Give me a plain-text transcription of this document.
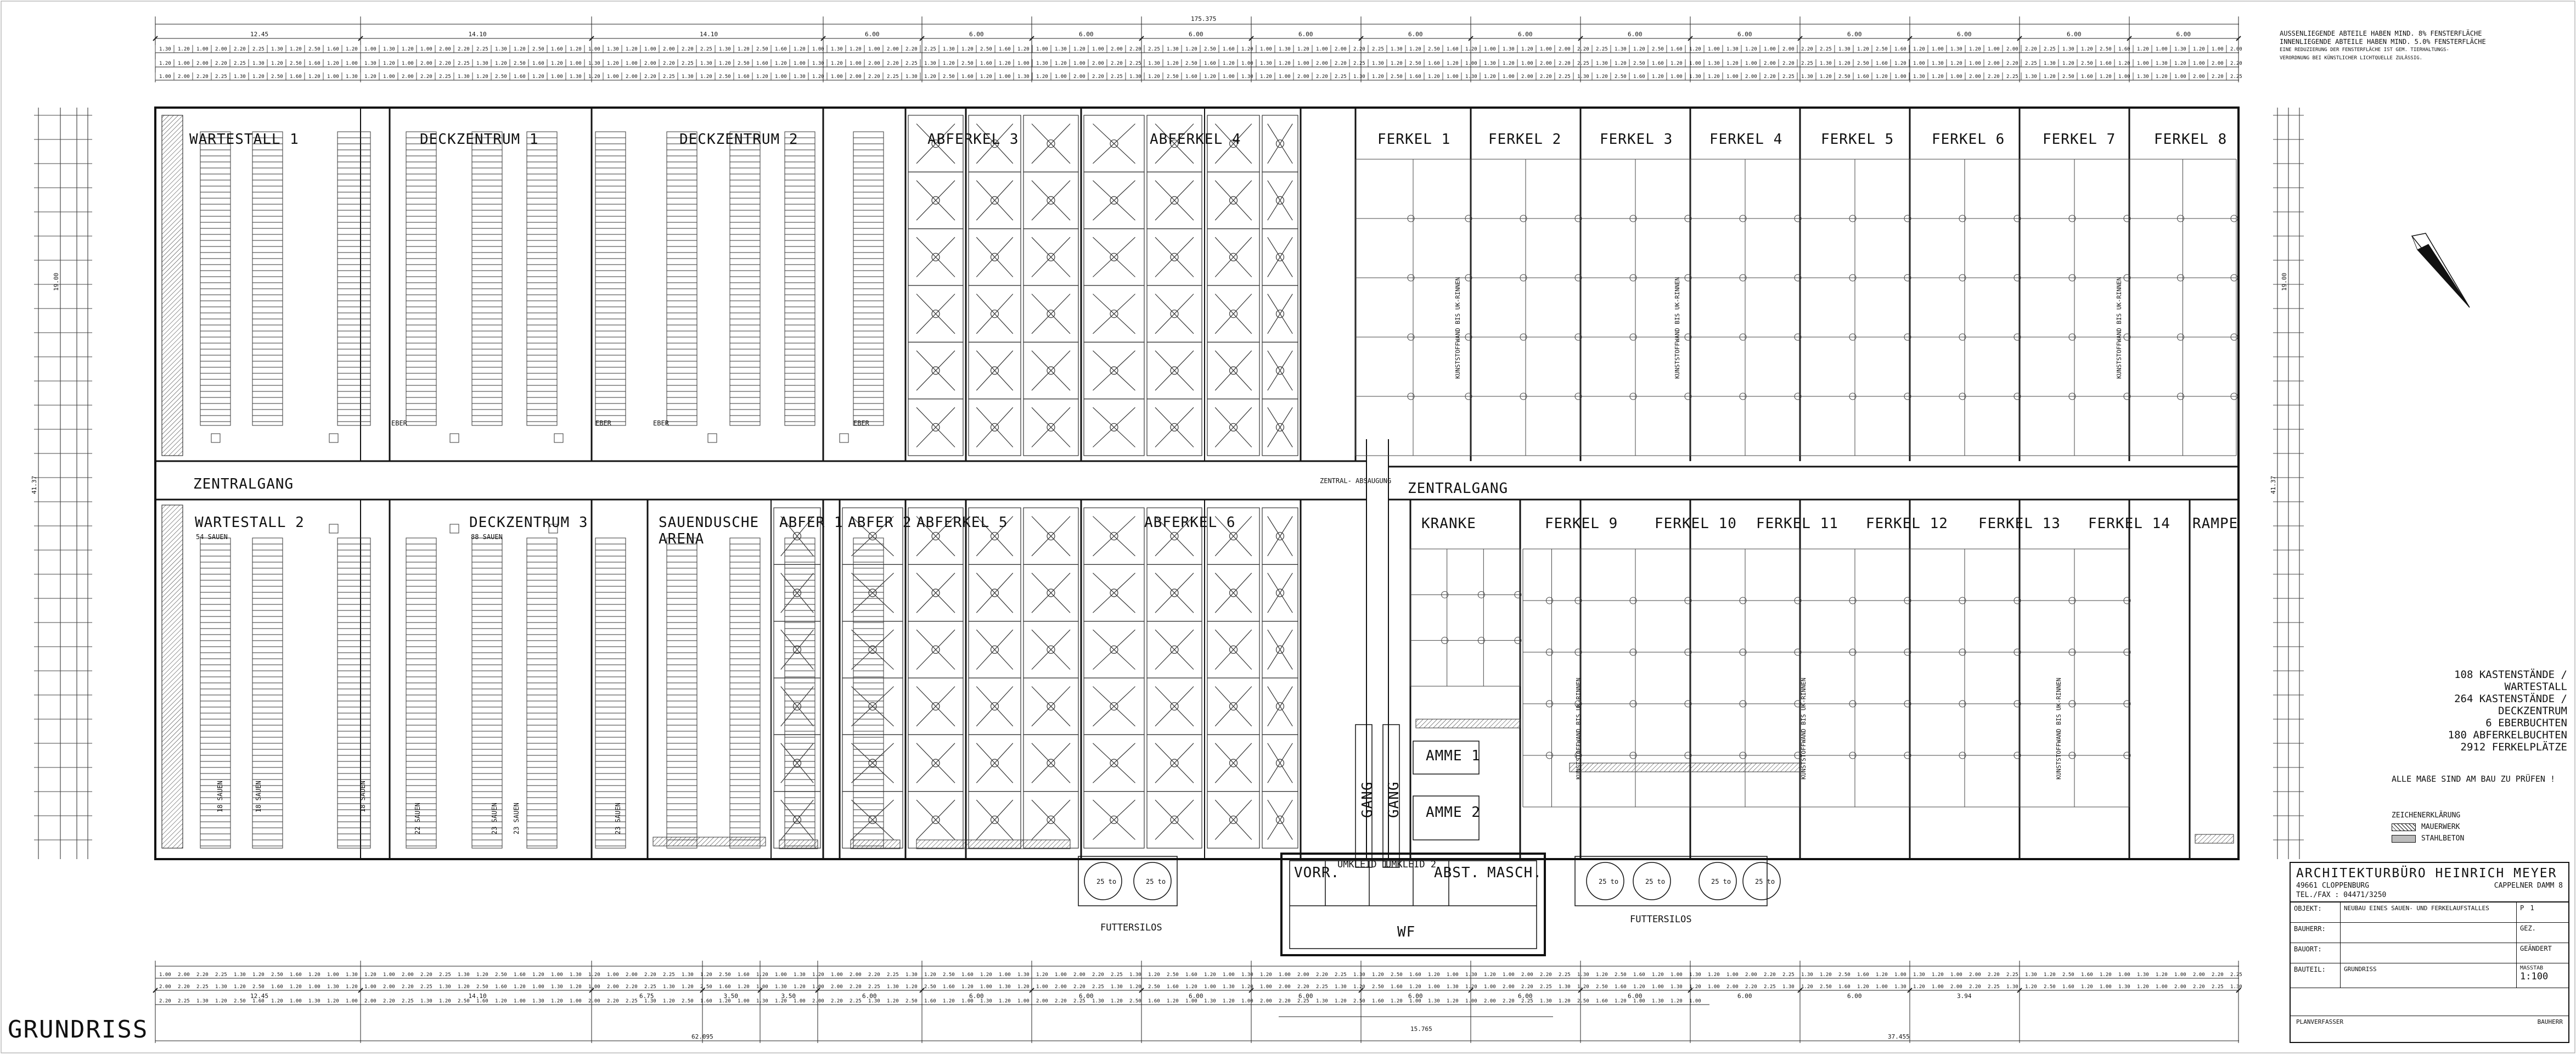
12.45	14.10	14.10	6.00	6.00	6.00	6.00	6.00	6.00	6.00	6.00	6.00	6.00	6.00	6.00	6.00
12.45	14.10	6.75	3.50	3.50	6.00	6.00	6.00	6.00	6.00	6.00	6.00	6.00	6.00	6.00	3.94
1.30 1.20 1.00 2.00 2.20 2.25 1.30 1.20 2.50 1.60 1.20 1.00 1.30 1.20 1.00 2.00 2.20 2.25 1.30 1.20 2.50 1.60 1.20 1.00 1.30 1.20 1.00 2.00 2.20 2.25 1.30 1.20 2.50 1.60 1.20 1.00 1.30 1.20 1.00 2.00 2.20 2.25 1.30 1.20 2.50 1.60 1.20 1.00 1.30 1.20 1.00 2.00 2.20 2.25 1.30 1.20 2.50 1.60 1.20 1.00 1.30 1.20 1.00 2.00 2.20 2.25 1.30 1.20 2.50 1.60 1.20 1.00 1.30 1.20 1.00 2.00 2.20 2.25 1.30 1.20 2.50 1.60 1.20 1.00 1.30 1.20 1.00 2.00 2.20 2.25 1.30 1.20 2.50 1.60 1.20 1.00 1.30 1.20 1.00 2.00 2.20 2.25 1.30 1.20 2.50 1.60 1.20 1.00 1.30 1.20 1.00 2.00
1.20 1.00 2.00 2.20 2.25 1.30 1.20 2.50 1.60 1.20 1.00 1.30 1.20 1.00 2.00 2.20 2.25 1.30 1.20 2.50 1.60 1.20 1.00 1.30 1.20 1.00 2.00 2.20 2.25 1.30 1.20 2.50 1.60 1.20 1.00 1.30 1.20 1.00 2.00 2.20 2.25 1.30 1.20 2.50 1.60 1.20 1.00 1.30 1.20 1.00 2.00 2.20 2.25 1.30 1.20 2.50 1.60 1.20 1.00 1.30 1.20 1.00 2.00 2.20 2.25 1.30 1.20 2.50 1.60 1.20 1.00 1.30 1.20 1.00 2.00 2.20 2.25 1.30 1.20 2.50 1.60 1.20 1.00 1.30 1.20 1.00 2.00 2.20 2.25 1.30 1.20 2.50 1.60 1.20 1.00 1.30 1.20 1.00 2.00 2.20 2.25 1.30 1.20 2.50 1.60 1.20 1.00 1.30 1.20 1.00 2.00 2.20
1.00 2.00 2.20 2.25 1.30 1.20 2.50 1.60 1.20 1.00 1.30 1.20 1.00 2.00 2.20 2.25 1.30 1.20 2.50 1.60 1.20 1.00 1.30 1.20 1.00 2.00 2.20 2.25 1.30 1.20 2.50 1.60 1.20 1.00 1.30 1.20 1.00 2.00 2.20 2.25 1.30 1.20 2.50 1.60 1.20 1.00 1.30 1.20 1.00 2.00 2.20 2.25 1.30 1.20 2.50 1.60 1.20 1.00 1.30 1.20 1.00 2.00 2.20 2.25 1.30 1.20 2.50 1.60 1.20 1.00 1.30 1.20 1.00 2.00 2.20 2.25 1.30 1.20 2.50 1.60 1.20 1.00 1.30 1.20 1.00 2.00 2.20 2.25 1.30 1.20 2.50 1.60 1.20 1.00 1.30 1.20 1.00 2.00 2.20 2.25 1.30 1.20 2.50 1.60 1.20 1.00 1.30 1.20 1.00 2.00 2.20 2.25
1.00 2.00 2.20 2.25 1.30 1.20 2.50 1.60 1.20 1.00 1.30 1.20 1.00 2.00 2.20 2.25 1.30 1.20 2.50 1.60 1.20 1.00 1.30 1.20 1.00 2.00 2.20 2.25 1.30 1.20 2.50 1.60 1.20 1.00 1.30 1.20 1.00 2.00 2.20 2.25 1.30 1.20 2.50 1.60 1.20 1.00 1.30 1.20 1.00 2.00 2.20 2.25 1.30 1.20 2.50 1.60 1.20 1.00 1.30 1.20 1.00 2.00 2.20 2.25 1.30 1.20 2.50 1.60 1.20 1.00 1.30 1.20 1.00 2.00 2.20 2.25 1.30 1.20 2.50 1.60 1.20 1.00 1.30 1.20 1.00 2.00 2.20 2.25 1.30 1.20 2.50 1.60 1.20 1.00 1.30 1.20 1.00 2.00 2.20 2.25 1.30 1.20 2.50 1.60 1.20 1.00 1.30 1.20 1.00 2.00 2.20 2.25
2.00 2.20 2.25 1.30 1.20 2.50 1.60 1.20 1.00 1.30 1.20 1.00 2.00 2.20 2.25 1.30 1.20 2.50 1.60 1.20 1.00 1.30 1.20 1.00 2.00 2.20 2.25 1.30 1.20 2.50 1.60 1.20 1.00 1.30 1.20 1.00 2.00 2.20 2.25 1.30 1.20 2.50 1.60 1.20 1.00 1.30 1.20 1.00 2.00 2.20 2.25 1.30 1.20 2.50 1.60 1.20 1.00 1.30 1.20 1.00 2.00 2.20 2.25 1.30 1.20 2.50 1.60 1.20 1.00 1.30 1.20 1.00 2.00 2.20 2.25 1.30 1.20 2.50 1.60 1.20 1.00 1.30 1.20 1.00 2.00 2.20 2.25 1.30 1.20 2.50 1.60 1.20 1.00 1.30 1.20 1.00 2.00 2.20 2.25 1.30 1.20 2.50 1.60 1.20 1.00 1.30 1.20 1.00 2.00 2.20 2.25 1.30
2.20 2.25 1.30 1.20 2.50 1.60 1.20 1.00 1.30 1.20 1.00 2.00 2.20 2.25 1.30 1.20 2.50 1.60 1.20 1.00 1.30 1.20 1.00 2.00 2.20 2.25 1.30 1.20 2.50 1.60 1.20 1.00 1.30 1.20 1.00 2.00 2.20 2.25 1.30 1.20 2.50 1.60 1.20 1.00 1.30 1.20 1.00 2.00 2.20 2.25 1.30 1.20 2.50 1.60 1.20 1.00 1.30 1.20 1.00 2.00 2.20 2.25 1.30 1.20 2.50 1.60 1.20 1.00 1.30 1.20 1.00 2.00 2.20 2.25 1.30 1.20 2.50 1.60 1.20 1.00 1.30 1.20 1.00
25 to	25 to	25 to	25 to	25 to	25 to
FUTTERSILOS
FUTTERSILOS
WARTESTALL 1	DECKZENTRUM 1	DECKZENTRUM 2	ABFERKEL 3	ABFERKEL 4	FERKEL 1	FERKEL 2	FERKEL 3	FERKEL 4	FERKEL 5	FERKEL 6	FERKEL 7	FERKEL 8
ZENTRALGANG	ZENTRALGANG
ZENTRAL- ABSAUGUNG
WARTESTALL 2	DECKZENTRUM 3	SAUENDUSCHE
ARENA
ABFER 1 ABFER 2 ABFERKEL 5	ABFERKEL 6	KRANKE	FERKEL 9	FERKEL 10 FERKEL 11 FERKEL 12 FERKEL 13 FERKEL 14 RAMPE
GANG GANG
AMME 1
AMME 2
VORR.
UMKLEID 1
UMKLEID 2
ABST. MASCH.
WF
EBER	EBER	EBER	EBER
54 SAUEN	88 SAUEN
18 SAUEN	18 SAUEN	18 SAUEN
22 SAUEN	23 SAUEN 23 SAUEN	23 SAUEN
KUNSTSTOFFWAND BIS UK-RINNEN	KUNSTSTOFFWAND BIS UK-RINNEN	KUNSTSTOFFWAND BIS UK-RINNEN
KUNSTSTOFFWAND BIS UK-RINNEN	KUNSTSTOFFWAND BIS UK-RINNEN	KUNSTSTOFFWAND BIS UK-RINNEN
175.375
62.095	37.455
15.765
41.37	41.37
19.00	19.00
AUSSENLIEGENDE ABTEILE HABEN MIND. 8% FENSTERFLÄCHE
INNENLIEGENDE ABTEILE HABEN MIND. 5.0% FENSTERFLÄCHE
EINE REDUZIERUNG DER FENSTERFLÄCHE IST GEM. TIERHALTUNGS-
VERORDNUNG BEI KÜNSTLICHER LICHTQUELLE ZULÄSSIG.
108 KASTENSTÄNDE / WARTESTALL
264 KASTENSTÄNDE / DECKZENTRUM
6 EBERBUCHTEN
180 ABFERKELBUCHTEN
2912 FERKELPLÄTZE
ALLE MAßE SIND AM BAU ZU PRÜFEN !
ZEICHENERKLÄRUNG
MAUERWERK
STAHLBETON
ARCHITEKTURBÜRO HEINRICH MEYER
49661 CLOPPENBURG	CAPPELNER DAMM 8
TEL./FAX : 04471/3250
OBJEKT:	NEUBAU EINES SAUEN- UND FERKELAUFSTALLES	P 1
BAUHERR:	GEZ.
BAUORT:	GEÄNDERT
BAUTEIL:	GRUNDRISS	MASSTAB
1:100
PLANVERFASSER	BAUHERR
GRUNDRISS
